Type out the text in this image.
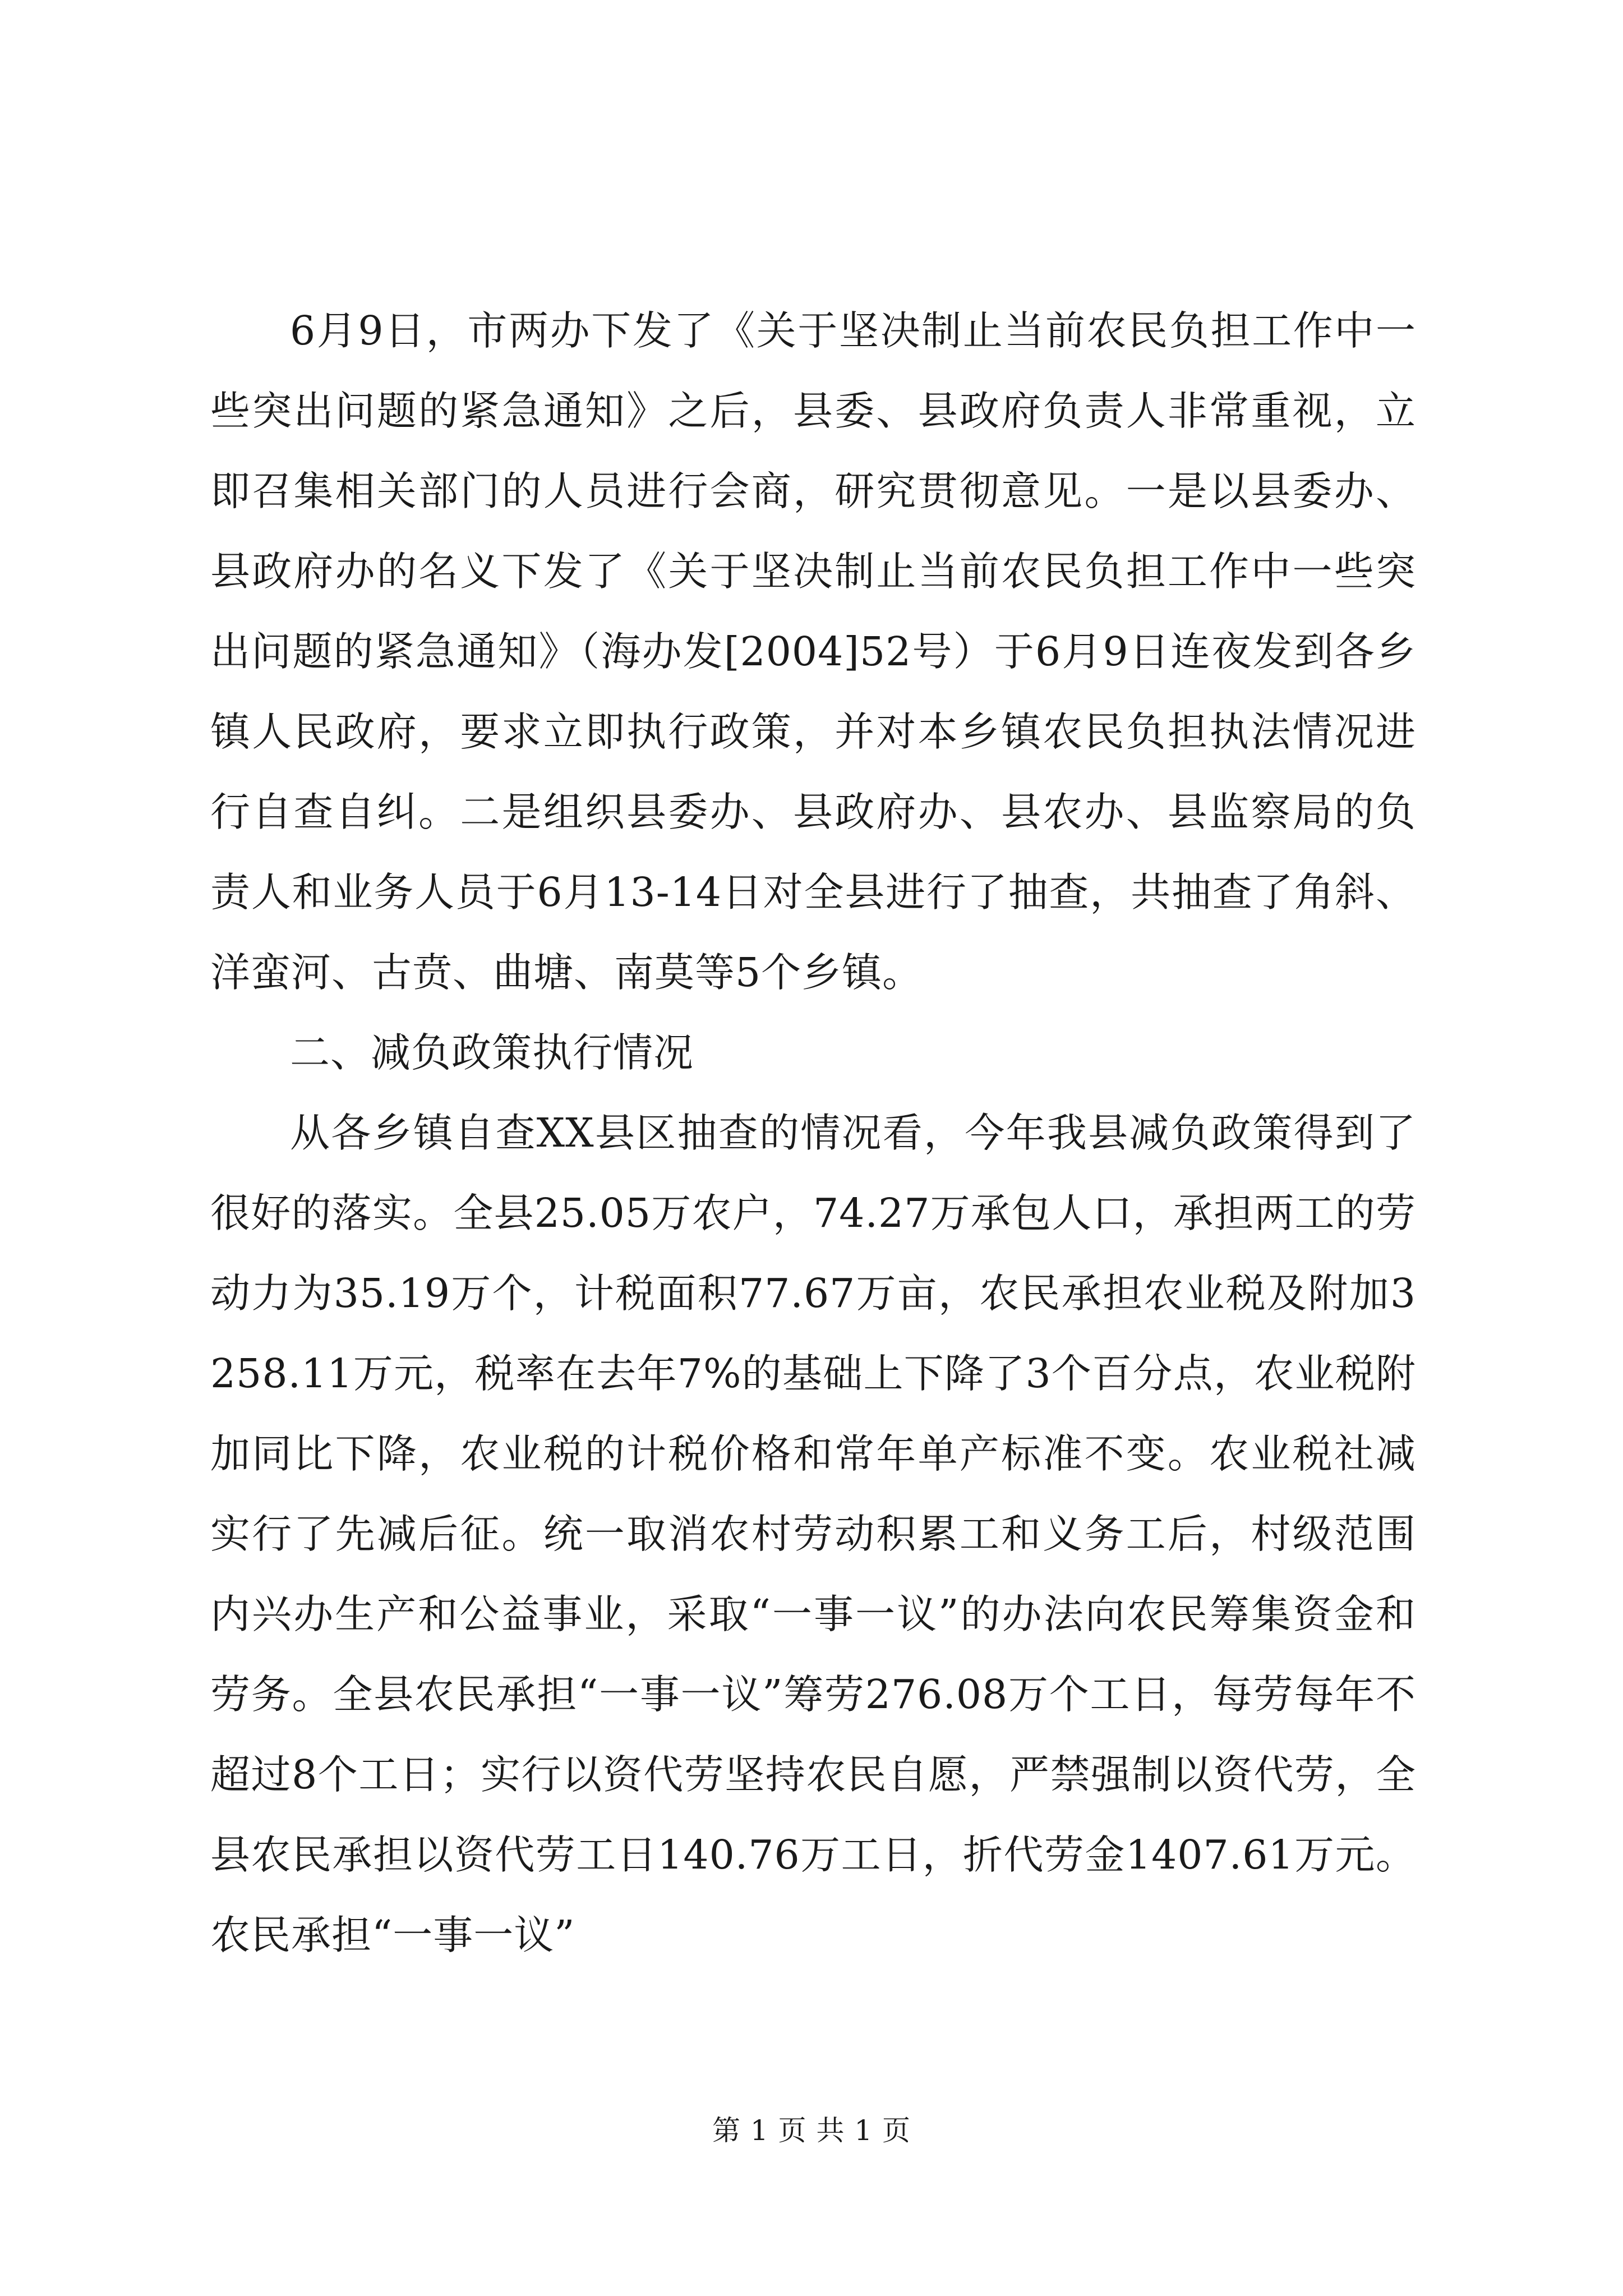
6月9日，市两办下发了《关于坚决制止当前农民负担工作中一些突出问题的紧急通知》之后，县委、县政府负责人非常重视，立即召集相关部门的人员进行会商，研究贯彻意见。一是以县委办、县政府办的名义下发了《关于坚决制止当前农民负担工作中一些突出问题的紧急通知》（海办发[2004]52号）于6月9日连夜发到各乡镇人民政府，要求立即执行政策，并对本乡镇农民负担执法情况进行自查自纠。二是组织县委办、县政府办、县农办、县监察局的负责人和业务人员于6月13-14日对全县进行了抽查，共抽查了角斜、洋蛮河、古贲、曲塘、南莫等5个乡镇。

二、减负政策执行情况

从各乡镇自查XX县区抽查的情况看，今年我县减负政策得到了很好的落实。全县25.05万农户，74.27万承包人口，承担两工的劳动力为35.19万个，计税面积77.67万亩，农民承担农业税及附加3258.11万元，税率在去年7%的基础上下降了3个百分点，农业税附加同比下降，农业税的计税价格和常年单产标准不变。农业税社减实行了先减后征。统一取消农村劳动积累工和义务工后，村级范围内兴办生产和公益事业，采取“一事一议”的办法向农民筹集资金和劳务。全县农民承担“一事一议”筹劳276.08万个工日，每劳每年不超过8个工日；实行以资代劳坚持农民自愿，严禁强制以资代劳，全县农民承担以资代劳工日140.76万工日，折代劳金1407.61万元。农民承担“一事一议”

第 1 页 共 1 页
